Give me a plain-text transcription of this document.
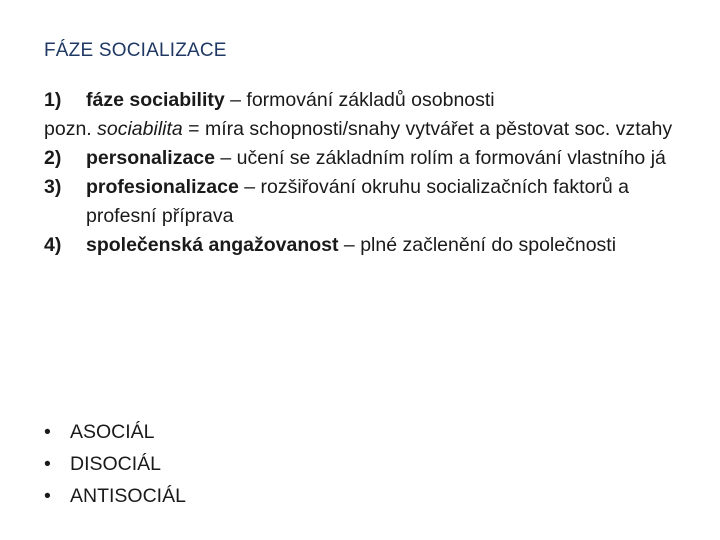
FÁZE SOCIALIZACE
1)	fáze sociability – formování základů osobnosti
pozn. sociabilita = míra schopnosti/snahy vytvářet a pěstovat soc. vztahy
2)	personalizace – učení se základním rolím a formování vlastního já
3)	profesionalizace – rozšiřování okruhu socializačních faktorů a profesní příprava
4)	společenská angažovanost – plné začlenění do společnosti
• ASOCIÁL
• DISOCIÁL
• ANTISOCIÁL
